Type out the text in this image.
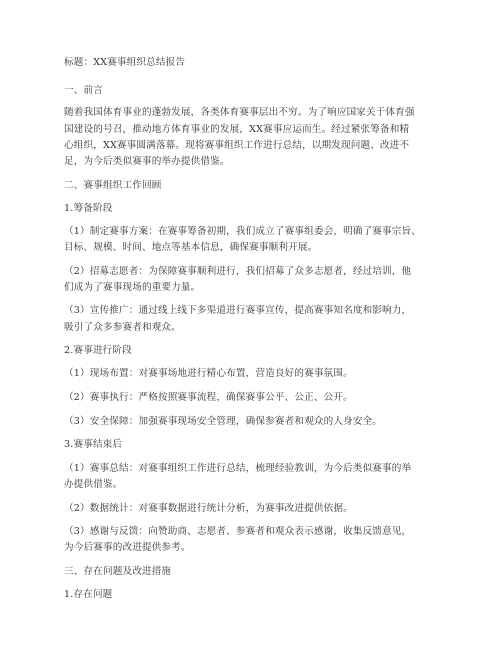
标题：XX赛事组织总结报告
一、前言
随着我国体育事业的蓬勃发展，各类体育赛事层出不穷。为了响应国家关于体育强
国建设的号召，推动地方体育事业的发展，XX赛事应运而生。经过紧张筹备和精
心组织，XX赛事圆满落幕。现将赛事组织工作进行总结，以期发现问题、改进不
足，为今后类似赛事的举办提供借鉴。
二、赛事组织工作回顾
1.筹备阶段
（1）制定赛事方案：在赛事筹备初期，我们成立了赛事组委会，明确了赛事宗旨、
目标、规模、时间、地点等基本信息，确保赛事顺利开展。
（2）招募志愿者：为保障赛事顺利进行，我们招募了众多志愿者，经过培训，他
们成为了赛事现场的重要力量。
（3）宣传推广：通过线上线下多渠道进行赛事宣传，提高赛事知名度和影响力，
吸引了众多参赛者和观众。
2.赛事进行阶段
（1）现场布置：对赛事场地进行精心布置，营造良好的赛事氛围。
（2）赛事执行：严格按照赛事流程，确保赛事公平、公正、公开。
（3）安全保障：加强赛事现场安全管理，确保参赛者和观众的人身安全。
3.赛事结束后
（1）赛事总结：对赛事组织工作进行总结，梳理经验教训，为今后类似赛事的举
办提供借鉴。
（2）数据统计：对赛事数据进行统计分析，为赛事改进提供依据。
（3）感谢与反馈：向赞助商、志愿者、参赛者和观众表示感谢，收集反馈意见，
为今后赛事的改进提供参考。
三、存在问题及改进措施
1.存在问题
